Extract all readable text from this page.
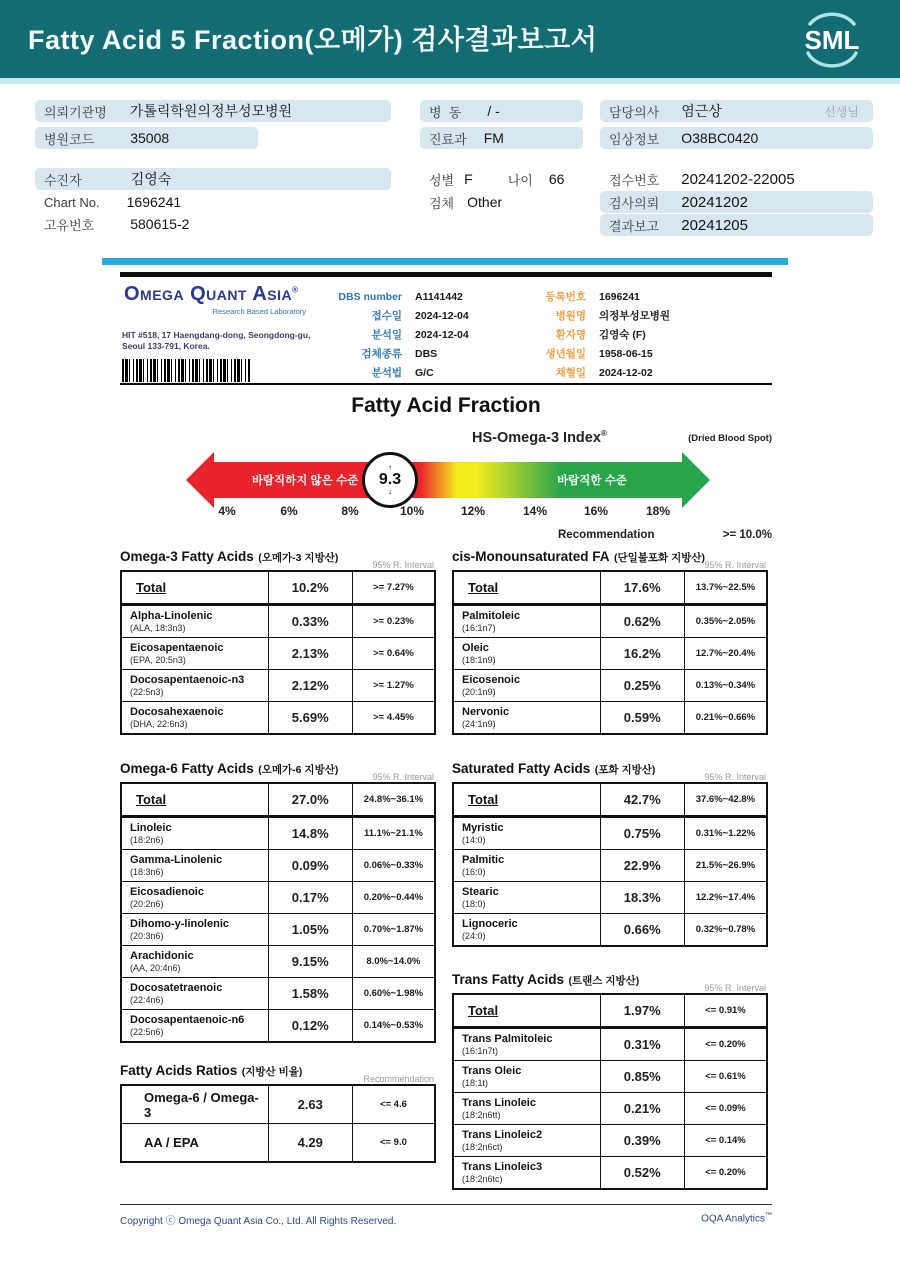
Fatty Acid 5 Fraction(오메가) 검사결과보고서	SML
의뢰기관명 가톨릭학원의정부성모병원
병원코드	35008
수진자	김영숙
Chart No. 1696241
고유번호	580615-2
병  동 / -
진료과 FM
성별 F	나이 66
검체 Other
담당의사 염근상	선생님
임상정보 O38BC0420
접수번호 20241202-22005
검사의뢰 20241202
결과보고 20241205
Omega Quant Asia®
Research Based Laboratory
HIT #518, 17 Haengdang-dong, Seongdong-gu,
Seoul 133-791, Korea.
DBS number A1141442
접수일 2024-12-04
분석일 2024-12-04
검체종류 DBS
분석법 G/C
등록번호 1696241
병원명 의정부성모병원
환자명 김영숙 (F)
생년월일 1958-06-15
채혈일 2024-12-02
Fatty Acid Fraction
HS-Omega-3 Index®	(Dried Blood Spot)
바람직하지 않은 수준	바람직한 수준
↑
9.3
↓
4%	6%	8%	10%	12%	14%	16%	18%
Recommendation	>= 10.0%
Omega-3 Fatty Acids (오메가-3 지방산)
95% R. Interval
Total	10.2%	>= 7.27%
Alpha-Linolenic
(ALA, 18:3n3)	0.33%	>= 0.23%
Eicosapentaenoic
(EPA, 20:5n3)	2.13%	>= 0.64%
Docosapentaenoic-n3
(22:5n3)	2.12%	>= 1.27%
Docosahexaenoic
(DHA, 22:6n3)	5.69%	>= 4.45%
cis-Monounsaturated FA (단일불포화 지방산)
95% R. Interval
Total	17.6%	13.7%~22.5%
Palmitoleic
(16:1n7)	0.62%	0.35%~2.05%
Oleic
(18:1n9)	16.2%	12.7%~20.4%
Eicosenoic
(20:1n9)	0.25%	0.13%~0.34%
Nervonic
(24:1n9)	0.59%	0.21%~0.66%
Omega-6 Fatty Acids (오메가-6 지방산)
95% R. Interval
Total	27.0%	24.8%~36.1%
Linoleic
(18:2n6)	14.8%	11.1%~21.1%
Gamma-Linolenic
(18:3n6)	0.09%	0.06%~0.33%
Eicosadienoic
(20:2n6)	0.17%	0.20%~0.44%
Dihomo-y-linolenic
(20:3n6)	1.05%	0.70%~1.87%
Arachidonic
(AA, 20:4n6)	9.15%	8.0%~14.0%
Docosatetraenoic
(22:4n6)	1.58%	0.60%~1.98%
Docosapentaenoic-n6
(22:5n6)	0.12%	0.14%~0.53%
Saturated Fatty Acids (포화 지방산)
95% R. Interval
Total	42.7%	37.6%~42.8%
Myristic
(14:0)	0.75%	0.31%~1.22%
Palmitic
(16:0)	22.9%	21.5%~26.9%
Stearic
(18:0)	18.3%	12.2%~17.4%
Lignoceric
(24:0)	0.66%	0.32%~0.78%
Trans Fatty Acids (트랜스 지방산)
95% R. Interval
Total	1.97%	<= 0.91%
Trans Palmitoleic
(16:1n7t)	0.31%	<= 0.20%
Trans Oleic
(18:1t)	0.85%	<= 0.61%
Trans Linoleic
(18:2n6tt)	0.21%	<= 0.09%
Trans Linoleic2
(18:2n6ct)	0.39%	<= 0.14%
Trans Linoleic3
(18:2n6tc)	0.52%	<= 0.20%
Fatty Acids Ratios (지방산 비율)
Recommendation
Omega-6 / Omega-3	2.63	<= 4.6
AA / EPA	4.29	<= 9.0
Copyright ⓒ Omega Quant Asia Co., Ltd. All Rights Reserved.	OQA Analytics™
